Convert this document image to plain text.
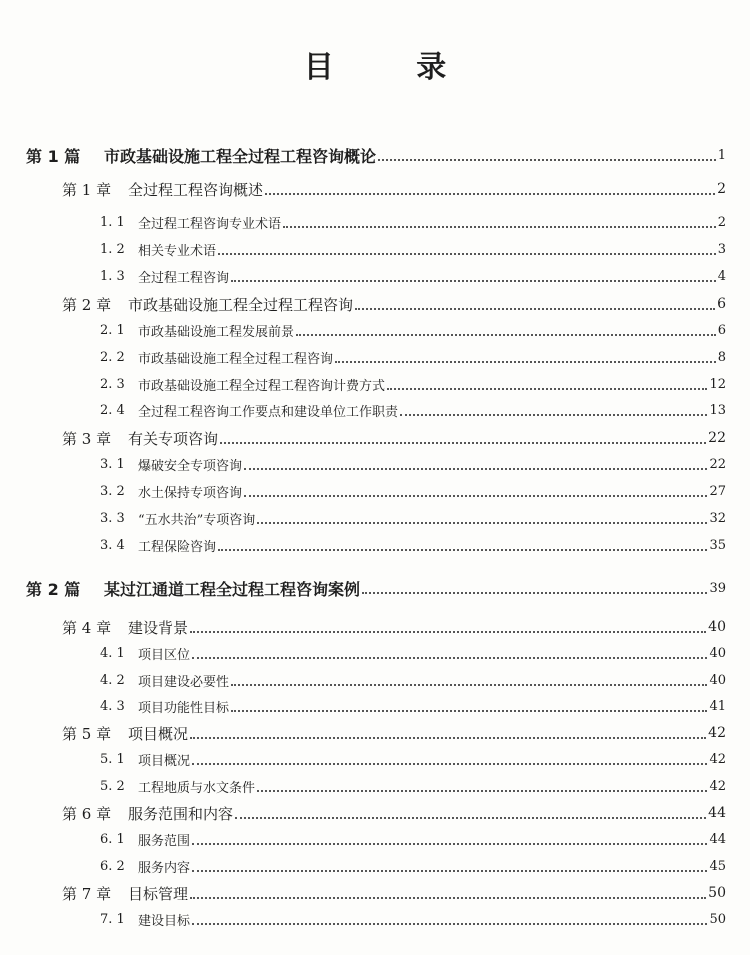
目 录
第 1 篇	市政基础设施工程全过程工程咨询概论	1
第 1 章	全过程工程咨询概述	2
1. 1	全过程工程咨询专业术语	2
1. 2	相关专业术语	3
1. 3	全过程工程咨询	4
第 2 章	市政基础设施工程全过程工程咨询	6
2. 1	市政基础设施工程发展前景	6
2. 2	市政基础设施工程全过程工程咨询	8
2. 3	市政基础设施工程全过程工程咨询计费方式	12
2. 4	全过程工程咨询工作要点和建设单位工作职责	13
第 3 章	有关专项咨询	22
3. 1	爆破安全专项咨询	22
3. 2	水土保持专项咨询	27
3. 3	“五水共治”专项咨询	32
3. 4	工程保险咨询	35
第 2 篇	某过江通道工程全过程工程咨询案例	39
第 4 章	建设背景	40
4. 1	项目区位	40
4. 2	项目建设必要性	40
4. 3	项目功能性目标	41
第 5 章	项目概况	42
5. 1	项目概况	42
5. 2	工程地质与水文条件	42
第 6 章	服务范围和内容	44
6. 1	服务范围	44
6. 2	服务内容	45
第 7 章	目标管理	50
7. 1	建设目标	50
